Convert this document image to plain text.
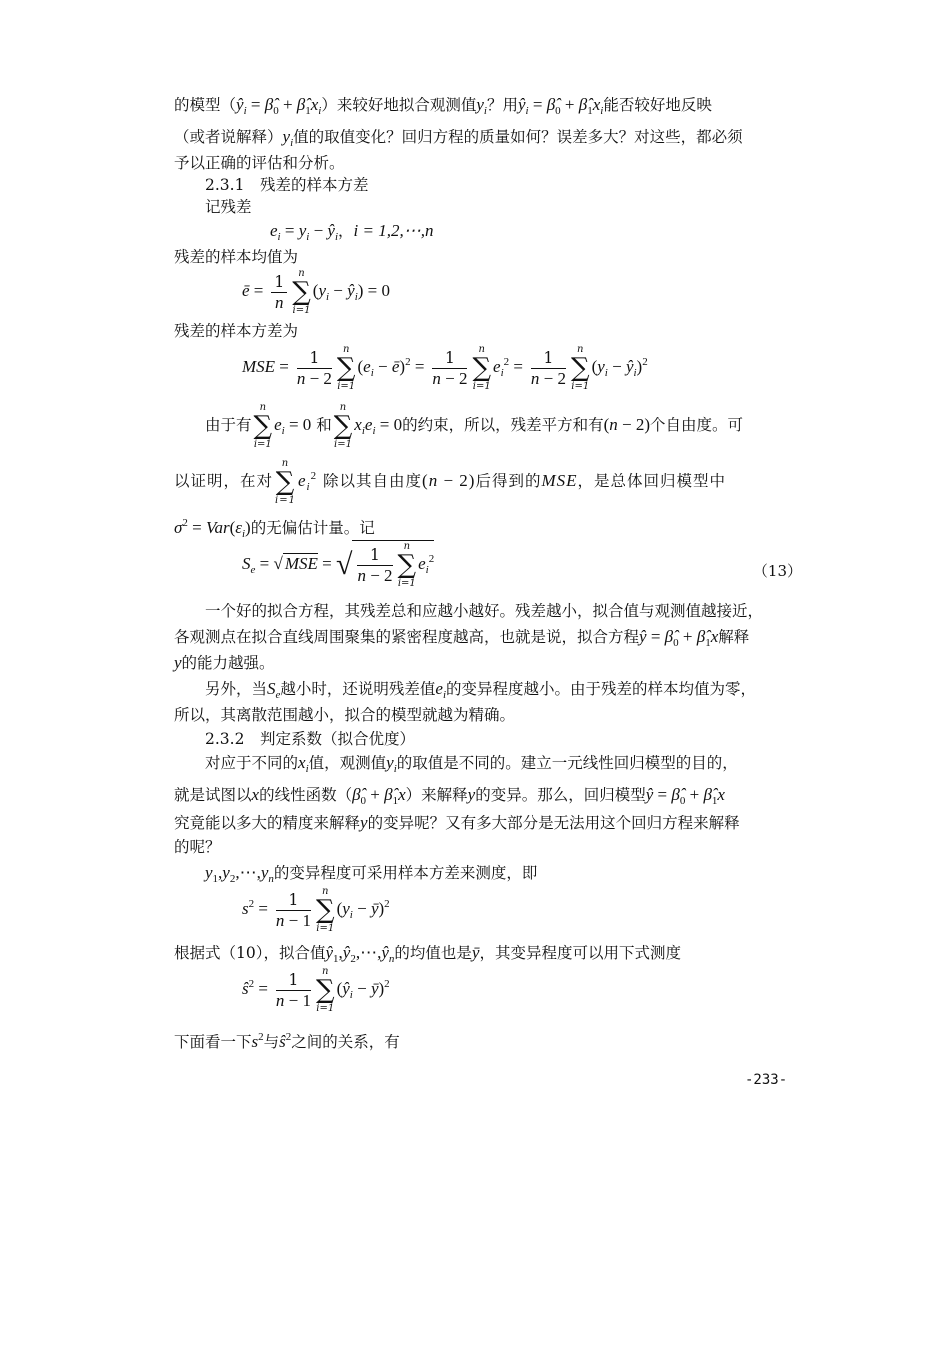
的模型（$ŷ_i$ = $\betâ_0$ + $\betâ_1x_i$）来较好地拟合观测值$y_i$？用$ŷ_i$ = $\betâ_0$ + $\betâ_1x_i$能否较好地反映
（或者说解释）$y_i$值的取值变化？回归方程的质量如何？误差多大？对这些，都必须
予以正确的评估和分析。
2.3.1　残差的样本方差
记残差
$e_i = y_i$ − $ŷ_i$，i = 1,2,⋯,n
残差的样本均值为
ē = $\frac{1}{n}$	n
∑
i=1
($y_i$ − $ŷ_i) = 0$
残差的样本方差为
MSE = $\frac{1}{n - 2}$	n
∑
i=1
($e_i$ − ē)$^2$ = $\frac{1}{n - 2}$	n
∑
i=1
$e_i^2 = \frac{1}{n - 2}$	n
∑
i=1
($y_i$ − $ŷ_i)^2$
由于有
n
∑
i=1
$e_i = 0$ 和
n
∑
i=1
$x_ie_i = 0$的约束，所以，残差平方和有(n − 2)个自由度。可
以证明，在对
n
∑
i=1
$e_i^2$ 除以其自由度(n − 2)后得到的MSE，是总体回归模型中
$\sigma^2 = Var(\varepsilon_i)$的无偏估计量。记
$S_e$ = √ MSE = √ $\frac{1}{n - 2}$	n
∑
i=1
$e_i^2$
（13）
一个好的拟合方程，其残差总和应越小越好。残差越小，拟合值与观测值越接近，
各观测点在拟合直线周围聚集的紧密程度越高，也就是说，拟合方程ŷ = $\betâ_0$ + $\betâ_1x$解释
y的能力越强。
另外，当$S_e$越小时，还说明残差值$e_i$的变异程度越小。由于残差的样本均值为零，
所以，其离散范围越小，拟合的模型就越为精确。
2.3.2　判定系数（拟合优度）
对应于不同的$x_i$值，观测值$y_i$的取值是不同的。建立一元线性回归模型的目的，
就是试图以x的线性函数（$\betâ_0$ + $\betâ_1x$）来解释y的变异。那么，回归模型ŷ = $\betâ_0$ + $\betâ_1x$
究竟能以多大的精度来解释y的变异呢？又有多大部分是无法用这个回归方程来解释
的呢？
$y_1,y_2,\cdots,y_n$的变异程度可采用样本方差来测度，即
$s^2 = \frac{1}{n - 1}$	n
∑
i=1
($y_i$ − ȳ)$^2$
根据式（10），拟合值$ŷ_1,ŷ_2,\cdots,ŷ_n$的均值也是ȳ，其变异程度可以用下式测度
$ŝ^2 = \frac{1}{n - 1}$	n
∑
i=1
($ŷ_i$ − ȳ)$^2$
下面看一下$s^2$与$ŝ^2$之间的关系，有
-233-
